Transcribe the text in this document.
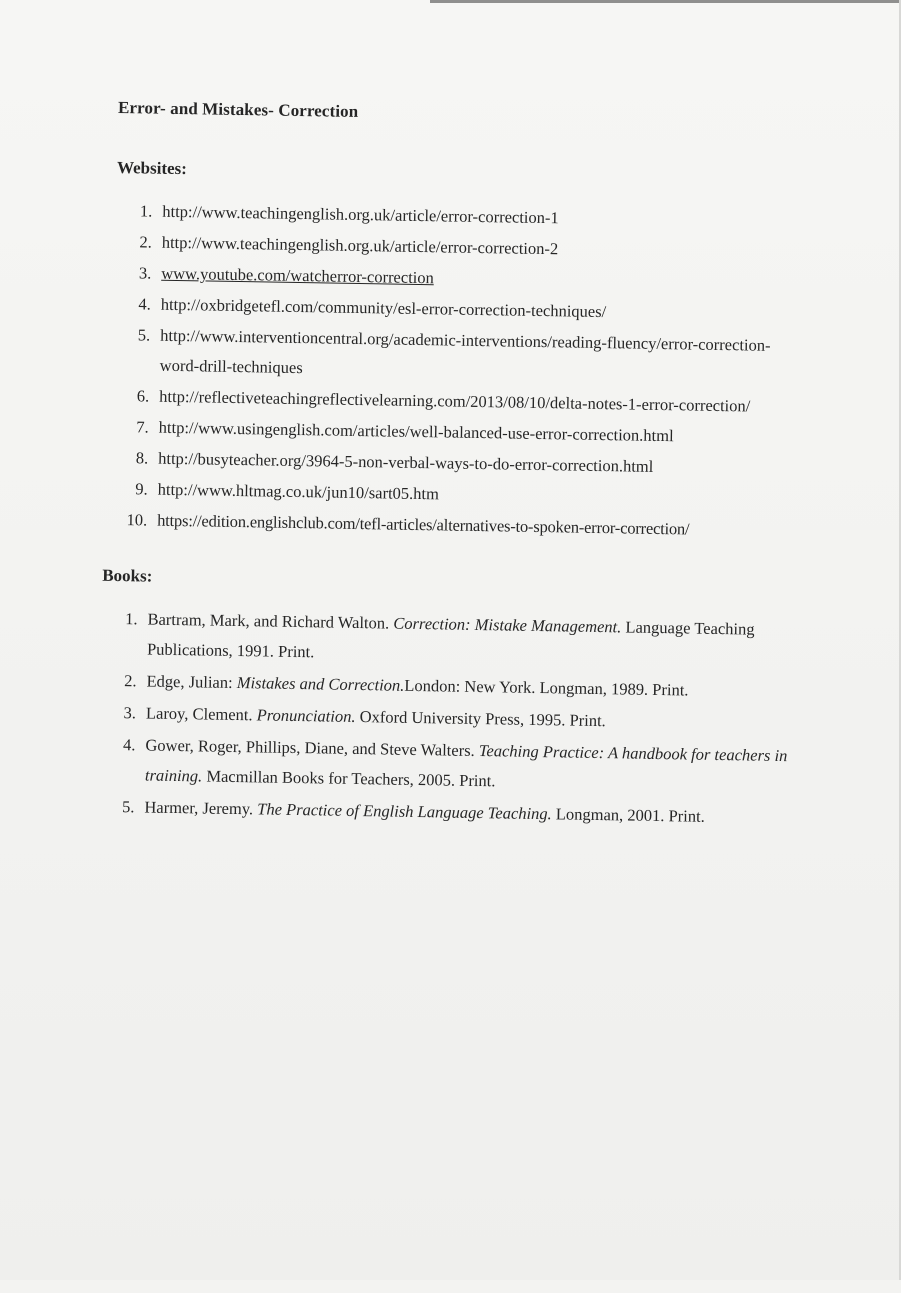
Error- and Mistakes- Correction
Websites:
1. http://www.teachingenglish.org.uk/article/error-correction-1
2. http://www.teachingenglish.org.uk/article/error-correction-2
3. www.youtube.com/watcherror-correction
4. http://oxbridgetefl.com/community/esl-error-correction-techniques/
5. http://www.interventioncentral.org/academic-interventions/reading-fluency/error-correction-word-drill-techniques
6. http://reflectiveteachingreflectivelearning.com/2013/08/10/delta-notes-1-error-correction/
7. http://www.usingenglish.com/articles/well-balanced-use-error-correction.html
8. http://busyteacher.org/3964-5-non-verbal-ways-to-do-error-correction.html
9. http://www.hltmag.co.uk/jun10/sart05.htm
10. https://edition.englishclub.com/tefl-articles/alternatives-to-spoken-error-correction/
Books:
1. Bartram, Mark, and Richard Walton. Correction: Mistake Management. Language Teaching Publications, 1991. Print.
2. Edge, Julian: Mistakes and Correction.London: New York. Longman, 1989. Print.
3. Laroy, Clement. Pronunciation. Oxford University Press, 1995. Print.
4. Gower, Roger, Phillips, Diane, and Steve Walters. Teaching Practice: A handbook for teachers in training. Macmillan Books for Teachers, 2005. Print.
5. Harmer, Jeremy. The Practice of English Language Teaching. Longman, 2001. Print.
